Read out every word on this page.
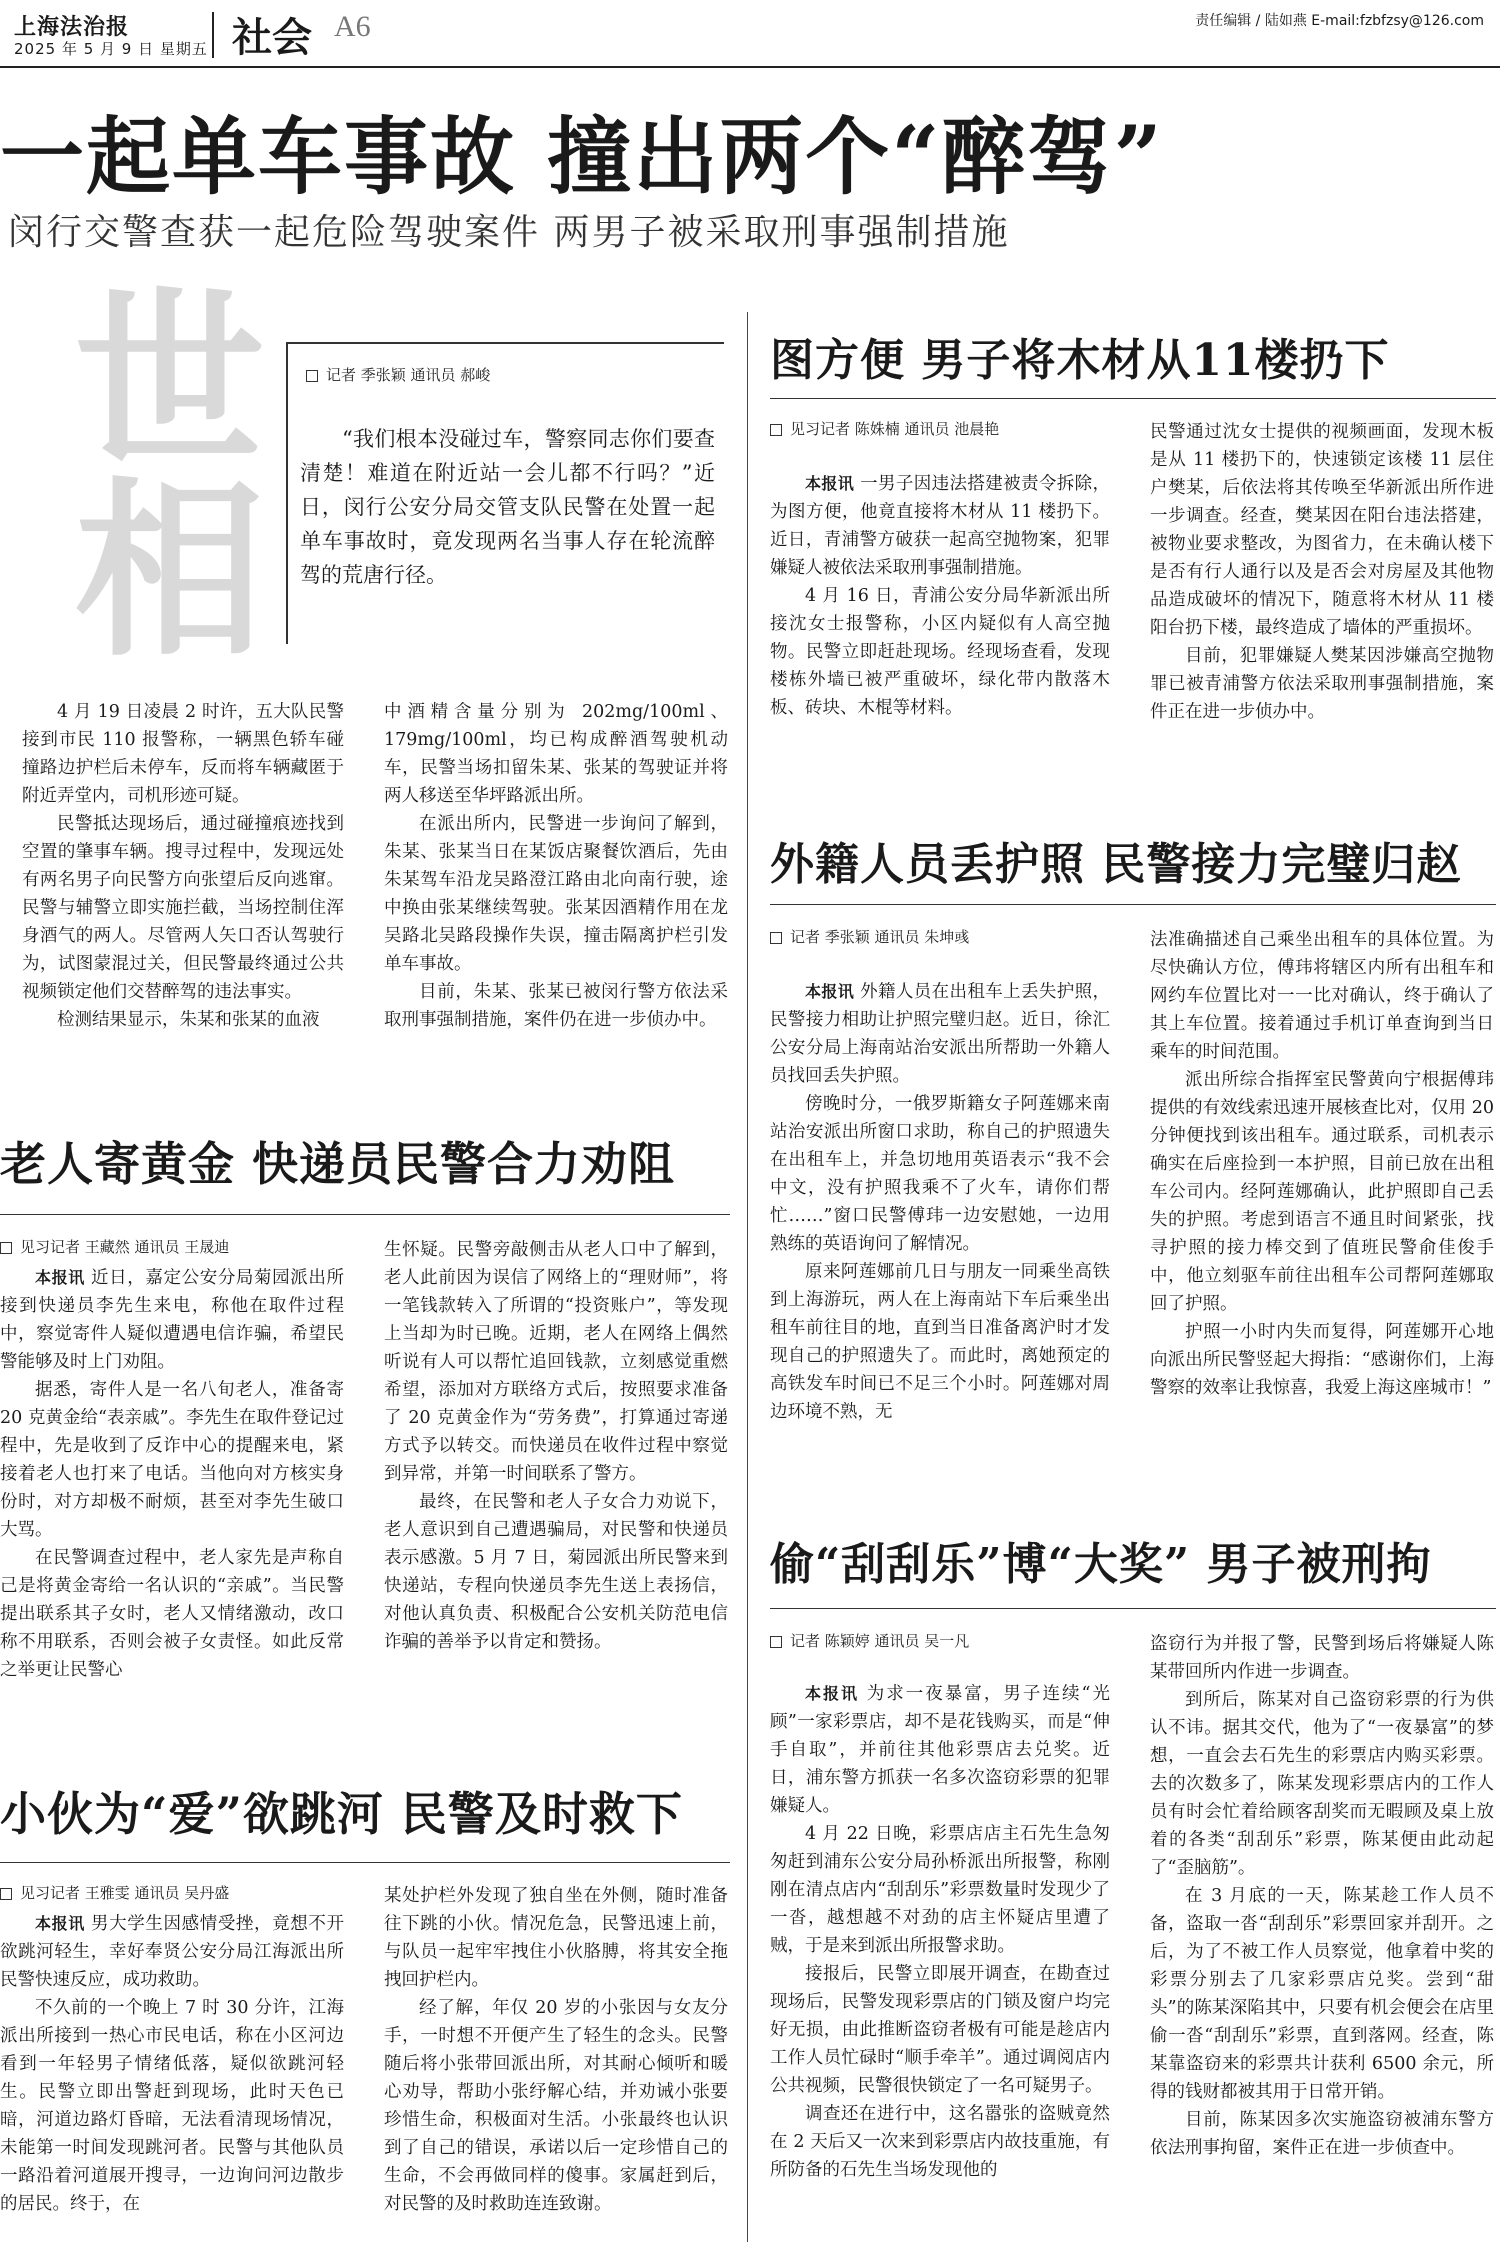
上海法治报
2025 年 5 月 9 日 星期五 社会 A6	责任编辑 / 陆如燕 E-mail:fzbfzsy@126.com
一起单车事故 撞出两个“醉驾”
闵行交警查获一起危险驾驶案件 两男子被采取刑事强制措施
世相	记者 季张颖 通讯员 郝峻
“我们根本没碰过车，警察同志你们要查清楚！难道在附近站一会儿都不行吗？”近日，闵行公安分局交管支队民警在处置一起单车事故时，竟发现两名当事人存在轮流醉驾的荒唐行径。

4 月 19 日凌晨 2 时许，五大队民警接到市民 110 报警称，一辆黑色轿车碰撞路边护栏后未停车，反而将车辆藏匿于附近弄堂内，司机形迹可疑。

民警抵达现场后，通过碰撞痕迹找到空置的肇事车辆。搜寻过程中，发现远处有两名男子向民警方向张望后反向逃窜。民警与辅警立即实施拦截，当场控制住浑身酒气的两人。尽管两人矢口否认驾驶行为，试图蒙混过关，但民警最终通过公共视频锁定他们交替醉驾的违法事实。

检测结果显示，朱某和张某的血液

中酒精含量分别为 202mg/100ml、179mg/100ml，均已构成醉酒驾驶机动车，民警当场扣留朱某、张某的驾驶证并将两人移送至华坪路派出所。

在派出所内，民警进一步询问了解到，朱某、张某当日在某饭店聚餐饮酒后，先由朱某驾车沿龙吴路澄江路由北向南行驶，途中换由张某继续驾驶。张某因酒精作用在龙吴路北吴路段操作失误，撞击隔离护栏引发单车事故。

目前，朱某、张某已被闵行警方依法采取刑事强制措施，案件仍在进一步侦办中。

老人寄黄金 快递员民警合力劝阻
见习记者 王藏然 通讯员 王晟迪

本报讯 近日，嘉定公安分局菊园派出所接到快递员李先生来电，称他在取件过程中，察觉寄件人疑似遭遇电信诈骗，希望民警能够及时上门劝阻。

据悉，寄件人是一名八旬老人，准备寄 20 克黄金给“表亲戚”。李先生在取件登记过程中，先是收到了反诈中心的提醒来电，紧接着老人也打来了电话。当他向对方核实身份时，对方却极不耐烦，甚至对李先生破口大骂。

在民警调查过程中，老人家先是声称自己是将黄金寄给一名认识的“亲戚”。当民警提出联系其子女时，老人又情绪激动，改口称不用联系，否则会被子女责怪。如此反常之举更让民警心

生怀疑。民警旁敲侧击从老人口中了解到，老人此前因为误信了网络上的“理财师”，将一笔钱款转入了所谓的“投资账户”，等发现上当却为时已晚。近期，老人在网络上偶然听说有人可以帮忙追回钱款，立刻感觉重燃希望，添加对方联络方式后，按照要求准备了 20 克黄金作为“劳务费”，打算通过寄递方式予以转交。而快递员在收件过程中察觉到异常，并第一时间联系了警方。

最终，在民警和老人子女合力劝说下，老人意识到自己遭遇骗局，对民警和快递员表示感激。5 月 7 日，菊园派出所民警来到快递站，专程向快递员李先生送上表扬信，对他认真负责、积极配合公安机关防范电信诈骗的善举予以肯定和赞扬。

小伙为“爱”欲跳河 民警及时救下
见习记者 王雅雯 通讯员 吴丹盛

本报讯 男大学生因感情受挫，竟想不开欲跳河轻生，幸好奉贤公安分局江海派出所民警快速反应，成功救助。

不久前的一个晚上 7 时 30 分许，江海派出所接到一热心市民电话，称在小区河边看到一年轻男子情绪低落，疑似欲跳河轻生。民警立即出警赶到现场，此时天色已暗，河道边路灯昏暗，无法看清现场情况，未能第一时间发现跳河者。民警与其他队员一路沿着河道展开搜寻，一边询问河边散步的居民。终于，在

某处护栏外发现了独自坐在外侧，随时准备往下跳的小伙。情况危急，民警迅速上前，与队员一起牢牢拽住小伙胳膊，将其安全拖拽回护栏内。

经了解，年仅 20 岁的小张因与女友分手，一时想不开便产生了轻生的念头。民警随后将小张带回派出所，对其耐心倾听和暖心劝导，帮助小张纾解心结，并劝诫小张要珍惜生命，积极面对生活。小张最终也认识到了自己的错误，承诺以后一定珍惜自己的生命，不会再做同样的傻事。家属赶到后，对民警的及时救助连连致谢。

图方便 男子将木材从11楼扔下
见习记者 陈姝楠 通讯员 池晨艳

本报讯 一男子因违法搭建被责令拆除，为图方便，他竟直接将木材从 11 楼扔下。近日，青浦警方破获一起高空抛物案，犯罪嫌疑人被依法采取刑事强制措施。

4 月 16 日，青浦公安分局华新派出所接沈女士报警称，小区内疑似有人高空抛物。民警立即赶赴现场。经现场查看，发现楼栋外墙已被严重破坏，绿化带内散落木板、砖块、木棍等材料。

民警通过沈女士提供的视频画面，发现木板是从 11 楼扔下的，快速锁定该楼 11 层住户樊某，后依法将其传唤至华新派出所作进一步调查。经查，樊某因在阳台违法搭建，被物业要求整改，为图省力，在未确认楼下是否有行人通行以及是否会对房屋及其他物品造成破坏的情况下，随意将木材从 11 楼阳台扔下楼，最终造成了墙体的严重损坏。

目前，犯罪嫌疑人樊某因涉嫌高空抛物罪已被青浦警方依法采取刑事强制措施，案件正在进一步侦办中。

外籍人员丢护照 民警接力完璧归赵
记者 季张颖 通讯员 朱坤彧

本报讯 外籍人员在出租车上丢失护照，民警接力相助让护照完璧归赵。近日，徐汇公安分局上海南站治安派出所帮助一外籍人员找回丢失护照。

傍晚时分，一俄罗斯籍女子阿莲娜来南站治安派出所窗口求助，称自己的护照遗失在出租车上，并急切地用英语表示“我不会中文，没有护照我乘不了火车，请你们帮忙……”窗口民警傅玮一边安慰她，一边用熟练的英语询问了解情况。

原来阿莲娜前几日与朋友一同乘坐高铁到上海游玩，两人在上海南站下车后乘坐出租车前往目的地，直到当日准备离沪时才发现自己的护照遗失了。而此时，离她预定的高铁发车时间已不足三个小时。阿莲娜对周边环境不熟，无

法准确描述自己乘坐出租车的具体位置。为尽快确认方位，傅玮将辖区内所有出租车和网约车位置比对一一比对确认，终于确认了其上车位置。接着通过手机订单查询到当日乘车的时间范围。

派出所综合指挥室民警黄向宁根据傅玮提供的有效线索迅速开展核查比对，仅用 20 分钟便找到该出租车。通过联系，司机表示确实在后座捡到一本护照，目前已放在出租车公司内。经阿莲娜确认，此护照即自己丢失的护照。考虑到语言不通且时间紧张，找寻护照的接力棒交到了值班民警俞佳俊手中，他立刻驱车前往出租车公司帮阿莲娜取回了护照。

护照一小时内失而复得，阿莲娜开心地向派出所民警竖起大拇指：“感谢你们，上海警察的效率让我惊喜，我爱上海这座城市！”

偷“刮刮乐”博“大奖” 男子被刑拘
记者 陈颖婷 通讯员 吴一凡

本报讯 为求一夜暴富，男子连续“光顾”一家彩票店，却不是花钱购买，而是“伸手自取”，并前往其他彩票店去兑奖。近日，浦东警方抓获一名多次盗窃彩票的犯罪嫌疑人。

4 月 22 日晚，彩票店店主石先生急匆匆赶到浦东公安分局孙桥派出所报警，称刚刚在清点店内“刮刮乐”彩票数量时发现少了一沓，越想越不对劲的店主怀疑店里遭了贼，于是来到派出所报警求助。

接报后，民警立即展开调查，在勘查过现场后，民警发现彩票店的门锁及窗户均完好无损，由此推断盗窃者极有可能是趁店内工作人员忙碌时“顺手牵羊”。通过调阅店内公共视频，民警很快锁定了一名可疑男子。

调查还在进行中，这名嚣张的盗贼竟然在 2 天后又一次来到彩票店内故技重施，有所防备的石先生当场发现他的

盗窃行为并报了警，民警到场后将嫌疑人陈某带回所内作进一步调查。

到所后，陈某对自己盗窃彩票的行为供认不讳。据其交代，他为了“一夜暴富”的梦想，一直会去石先生的彩票店内购买彩票。去的次数多了，陈某发现彩票店内的工作人员有时会忙着给顾客刮奖而无暇顾及桌上放着的各类“刮刮乐”彩票，陈某便由此动起了“歪脑筋”。

在 3 月底的一天，陈某趁工作人员不备，盗取一沓“刮刮乐”彩票回家并刮开。之后，为了不被工作人员察觉，他拿着中奖的彩票分别去了几家彩票店兑奖。尝到“甜头”的陈某深陷其中，只要有机会便会在店里偷一沓“刮刮乐”彩票，直到落网。经查，陈某靠盗窃来的彩票共计获利 6500 余元，所得的钱财都被其用于日常开销。

目前，陈某因多次实施盗窃被浦东警方依法刑事拘留，案件正在进一步侦查中。
